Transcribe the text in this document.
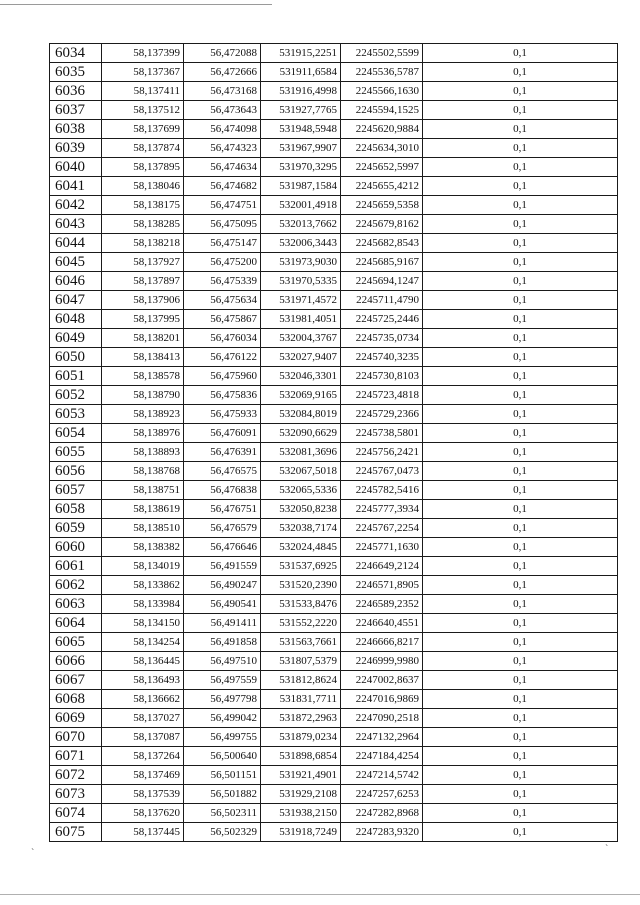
6034	58,137399	56,472088	531915,2251	2245502,5599	0,1
6035	58,137367	56,472666	531911,6584	2245536,5787	0,1
6036	58,137411	56,473168	531916,4998	2245566,1630	0,1
6037	58,137512	56,473643	531927,7765	2245594,1525	0,1
6038	58,137699	56,474098	531948,5948	2245620,9884	0,1
6039	58,137874	56,474323	531967,9907	2245634,3010	0,1
6040	58,137895	56,474634	531970,3295	2245652,5997	0,1
6041	58,138046	56,474682	531987,1584	2245655,4212	0,1
6042	58,138175	56,474751	532001,4918	2245659,5358	0,1
6043	58,138285	56,475095	532013,7662	2245679,8162	0,1
6044	58,138218	56,475147	532006,3443	2245682,8543	0,1
6045	58,137927	56,475200	531973,9030	2245685,9167	0,1
6046	58,137897	56,475339	531970,5335	2245694,1247	0,1
6047	58,137906	56,475634	531971,4572	2245711,4790	0,1
6048	58,137995	56,475867	531981,4051	2245725,2446	0,1
6049	58,138201	56,476034	532004,3767	2245735,0734	0,1
6050	58,138413	56,476122	532027,9407	2245740,3235	0,1
6051	58,138578	56,475960	532046,3301	2245730,8103	0,1
6052	58,138790	56,475836	532069,9165	2245723,4818	0,1
6053	58,138923	56,475933	532084,8019	2245729,2366	0,1
6054	58,138976	56,476091	532090,6629	2245738,5801	0,1
6055	58,138893	56,476391	532081,3696	2245756,2421	0,1
6056	58,138768	56,476575	532067,5018	2245767,0473	0,1
6057	58,138751	56,476838	532065,5336	2245782,5416	0,1
6058	58,138619	56,476751	532050,8238	2245777,3934	0,1
6059	58,138510	56,476579	532038,7174	2245767,2254	0,1
6060	58,138382	56,476646	532024,4845	2245771,1630	0,1
6061	58,134019	56,491559	531537,6925	2246649,2124	0,1
6062	58,133862	56,490247	531520,2390	2246571,8905	0,1
6063	58,133984	56,490541	531533,8476	2246589,2352	0,1
6064	58,134150	56,491411	531552,2220	2246640,4551	0,1
6065	58,134254	56,491858	531563,7661	2246666,8217	0,1
6066	58,136445	56,497510	531807,5379	2246999,9980	0,1
6067	58,136493	56,497559	531812,8624	2247002,8637	0,1
6068	58,136662	56,497798	531831,7711	2247016,9869	0,1
6069	58,137027	56,499042	531872,2963	2247090,2518	0,1
6070	58,137087	56,499755	531879,0234	2247132,2964	0,1
6071	58,137264	56,500640	531898,6854	2247184,4254	0,1
6072	58,137469	56,501151	531921,4901	2247214,5742	0,1
6073	58,137539	56,501882	531929,2108	2247257,6253	0,1
6074	58,137620	56,502311	531938,2150	2247282,8968	0,1
6075	58,137445	56,502329	531918,7249	2247283,9320	0,1
`	`
